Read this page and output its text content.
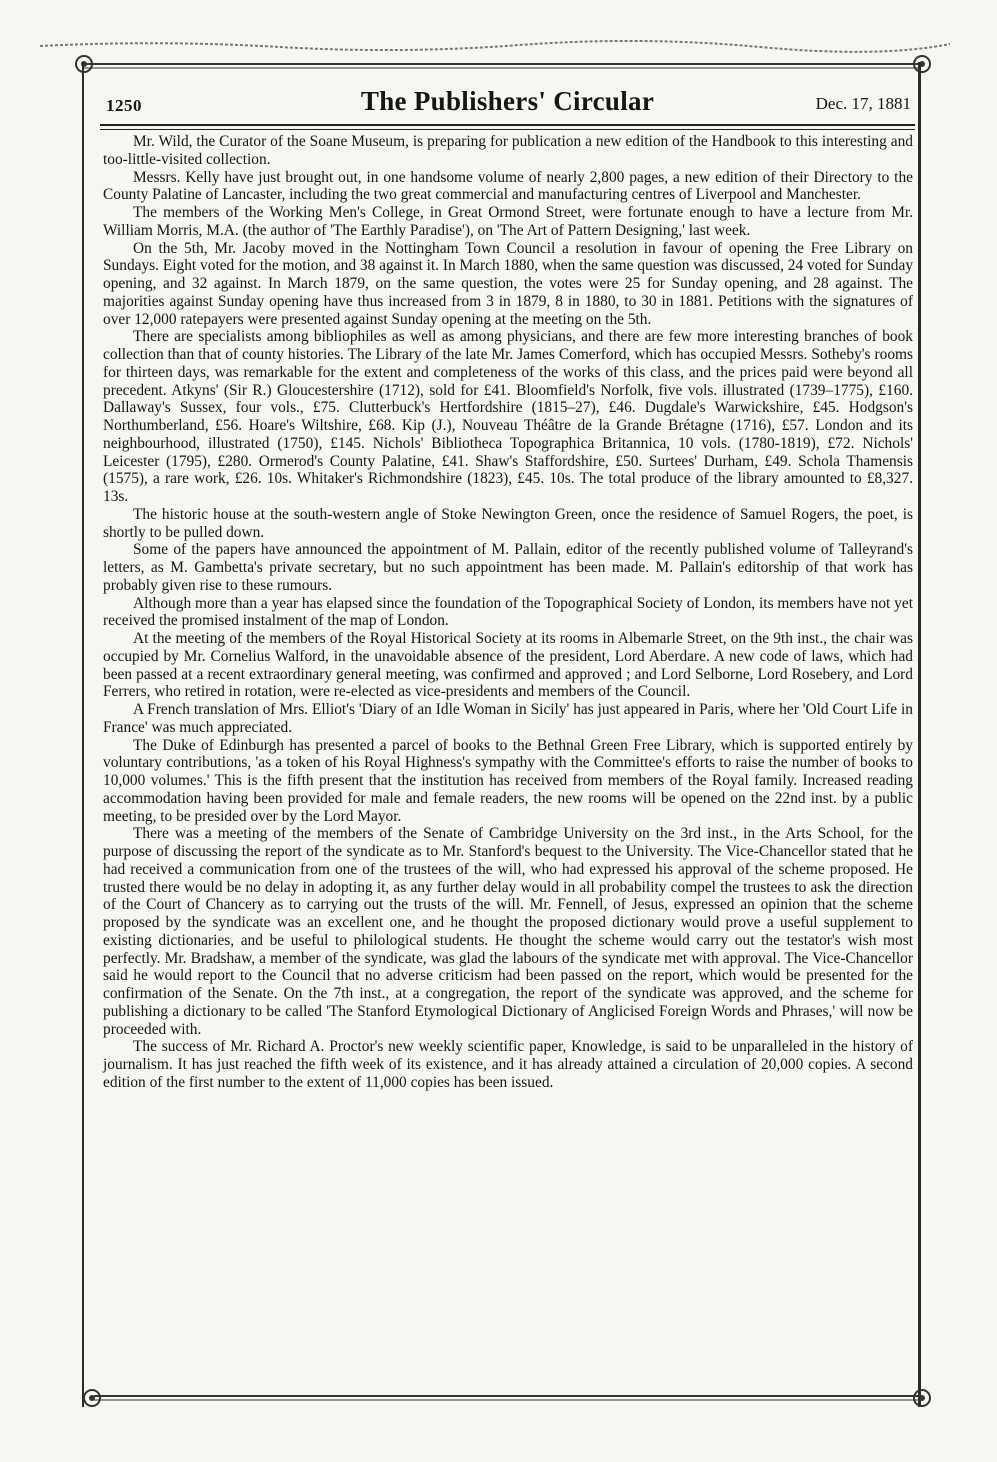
1250	The Publishers' Circular	Dec. 17, 1881

Mr. Wild, the Curator of the Soane Museum, is preparing for publication a new edition of the Handbook to this interesting and too-little-visited collection.

Messrs. Kelly have just brought out, in one handsome volume of nearly 2,800 pages, a new edition of their Directory to the County Palatine of Lancaster, including the two great commercial and manufacturing centres of Liverpool and Manchester.

The members of the Working Men's College, in Great Ormond Street, were fortunate enough to have a lecture from Mr. William Morris, M.A. (the author of 'The Earthly Paradise'), on 'The Art of Pattern Designing,' last week.

On the 5th, Mr. Jacoby moved in the Nottingham Town Council a resolution in favour of opening the Free Library on Sundays. Eight voted for the motion, and 38 against it. In March 1880, when the same question was discussed, 24 voted for Sunday opening, and 32 against. In March 1879, on the same question, the votes were 25 for Sunday opening, and 28 against. The majorities against Sunday opening have thus increased from 3 in 1879, 8 in 1880, to 30 in 1881. Petitions with the signatures of over 12,000 ratepayers were presented against Sunday opening at the meeting on the 5th.

There are specialists among bibliophiles as well as among physicians, and there are few more interesting branches of book collection than that of county histories. The Library of the late Mr. James Comerford, which has occupied Messrs. Sotheby's rooms for thirteen days, was remarkable for the extent and completeness of the works of this class, and the prices paid were beyond all precedent. Atkyns' (Sir R.) Gloucestershire (1712), sold for £41. Bloomfield's Norfolk, five vols. illustrated (1739–1775), £160. Dallaway's Sussex, four vols., £75. Clutterbuck's Hertfordshire (1815–27), £46. Dugdale's Warwickshire, £45. Hodgson's Northumberland, £56. Hoare's Wiltshire, £68. Kip (J.), Nouveau Théâtre de la Grande Brétagne (1716), £57. London and its neighbourhood, illustrated (1750), £145. Nichols' Bibliotheca Topographica Britannica, 10 vols. (1780-1819), £72. Nichols' Leicester (1795), £280. Ormerod's County Palatine, £41. Shaw's Staffordshire, £50. Surtees' Durham, £49. Schola Thamensis (1575), a rare work, £26. 10s. Whitaker's Richmondshire (1823), £45. 10s. The total produce of the library amounted to £8,327. 13s.

The historic house at the south-western angle of Stoke Newington Green, once the residence of Samuel Rogers, the poet, is shortly to be pulled down.

Some of the papers have announced the appointment of M. Pallain, editor of the recently published volume of Talleyrand's letters, as M. Gambetta's private secretary, but no such appointment has been made. M. Pallain's editorship of that work has probably given rise to these rumours.

Although more than a year has elapsed since the foundation of the Topographical Society of London, its members have not yet received the promised instalment of the map of London.

At the meeting of the members of the Royal Historical Society at its rooms in Albemarle Street, on the 9th inst., the chair was occupied by Mr. Cornelius Walford, in the unavoidable absence of the president, Lord Aberdare. A new code of laws, which had been passed at a recent extraordinary general meeting, was confirmed and approved ; and Lord Selborne, Lord Rosebery, and Lord Ferrers, who retired in rotation, were re-elected as vice-presidents and members of the Council.

A French translation of Mrs. Elliot's 'Diary of an Idle Woman in Sicily' has just appeared in Paris, where her 'Old Court Life in France' was much appreciated.

The Duke of Edinburgh has presented a parcel of books to the Bethnal Green Free Library, which is supported entirely by voluntary contributions, 'as a token of his Royal Highness's sympathy with the Committee's efforts to raise the number of books to 10,000 volumes.' This is the fifth present that the institution has received from members of the Royal family. Increased reading accommodation having been provided for male and female readers, the new rooms will be opened on the 22nd inst. by a public meeting, to be presided over by the Lord Mayor.

There was a meeting of the members of the Senate of Cambridge University on the 3rd inst., in the Arts School, for the purpose of discussing the report of the syndicate as to Mr. Stanford's bequest to the University. The Vice-Chancellor stated that he had received a communication from one of the trustees of the will, who had expressed his approval of the scheme proposed. He trusted there would be no delay in adopting it, as any further delay would in all probability compel the trustees to ask the direction of the Court of Chancery as to carrying out the trusts of the will. Mr. Fennell, of Jesus, expressed an opinion that the scheme proposed by the syndicate was an excellent one, and he thought the proposed dictionary would prove a useful supplement to existing dictionaries, and be useful to philological students. He thought the scheme would carry out the testator's wish most perfectly. Mr. Bradshaw, a member of the syndicate, was glad the labours of the syndicate met with approval. The Vice-Chancellor said he would report to the Council that no adverse criticism had been passed on the report, which would be presented for the confirmation of the Senate. On the 7th inst., at a congregation, the report of the syndicate was approved, and the scheme for publishing a dictionary to be called 'The Stanford Etymological Dictionary of Anglicised Foreign Words and Phrases,' will now be proceeded with.

The success of Mr. Richard A. Proctor's new weekly scientific paper, Knowledge, is said to be unparalleled in the history of journalism. It has just reached the fifth week of its existence, and it has already attained a circulation of 20,000 copies. A second edition of the first number to the extent of 11,000 copies has been issued.
